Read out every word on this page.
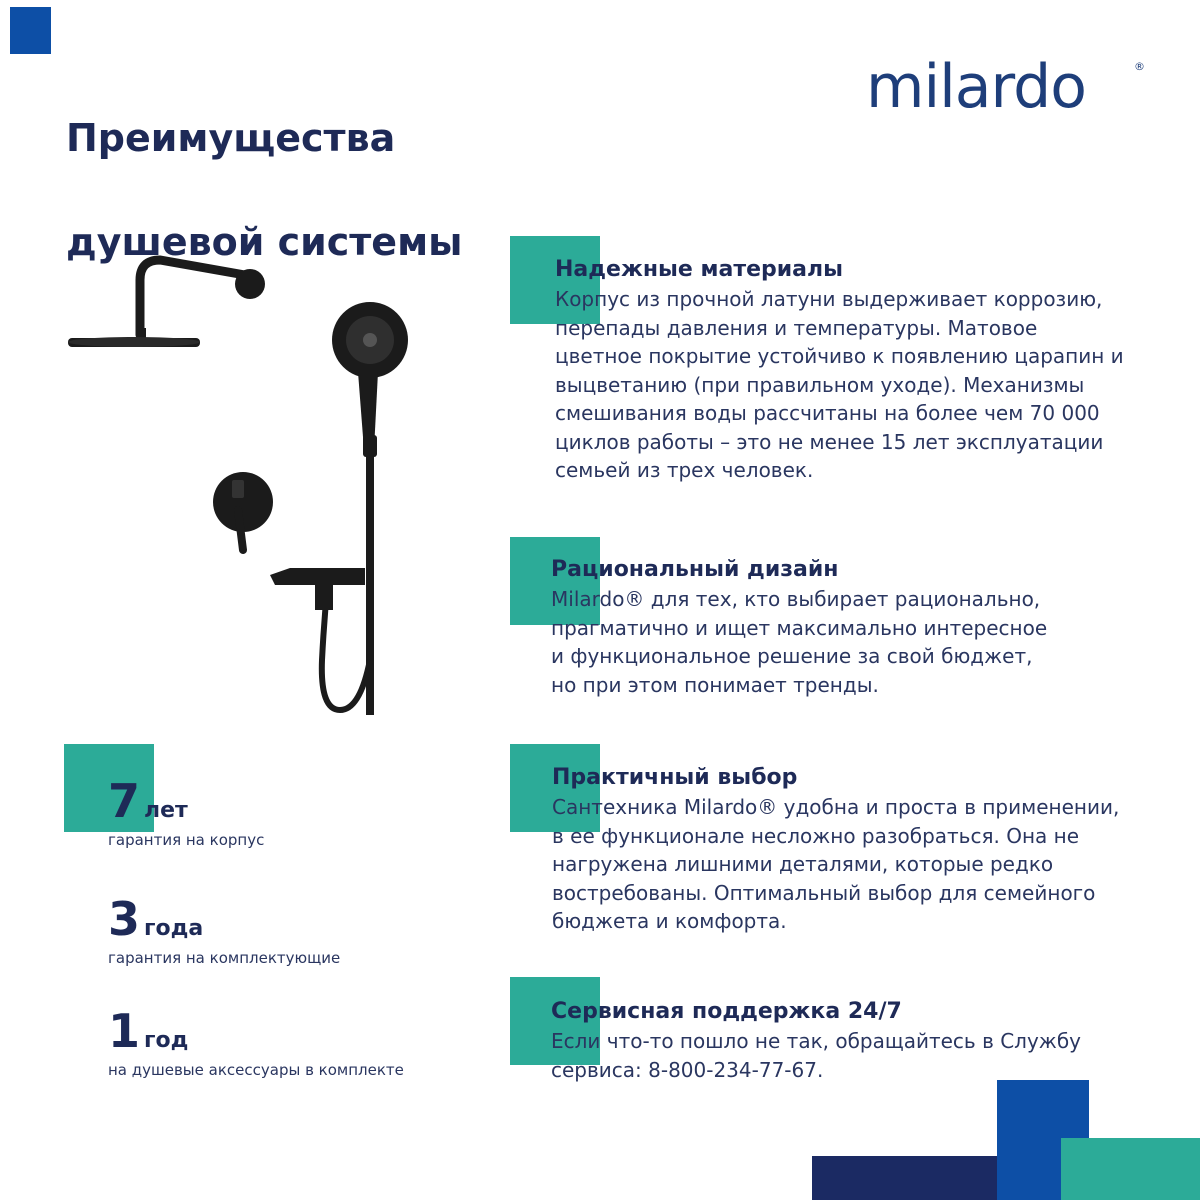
Преимущества

душевой системы

milardo	®
Надежные материалы
Корпус из прочной латуни выдерживает коррозию,
перепады давления и температуры. Матовое
цветное покрытие устойчиво к появлению царапин и
выцветанию (при правильном уходе). Механизмы
смешивания воды рассчитаны на более чем 70 000
циклов работы – это не менее 15 лет эксплуатации
семьей из трех человек.
Рациональный дизайн
Milardo® для тех, кто выбирает рационально,
прагматично и ищет максимально интересное
и функциональное решение за свой бюджет,
но при этом понимает тренды.
Практичный выбор
Сантехника Milardo® удобна и проста в применении,
в ее функционале несложно разобраться. Она не
нагружена лишними деталями, которые редко
востребованы. Оптимальный выбор для семейного
бюджета и комфорта.
Сервисная поддержка 24/7
Если что-то пошло не так, обращайтесь в Службу
сервиса: 8-800-234-77-67.
7 лет
гарантия на корпус
3 года
гарантия на комплектующие
1 год
на душевые аксессуары в комплекте
